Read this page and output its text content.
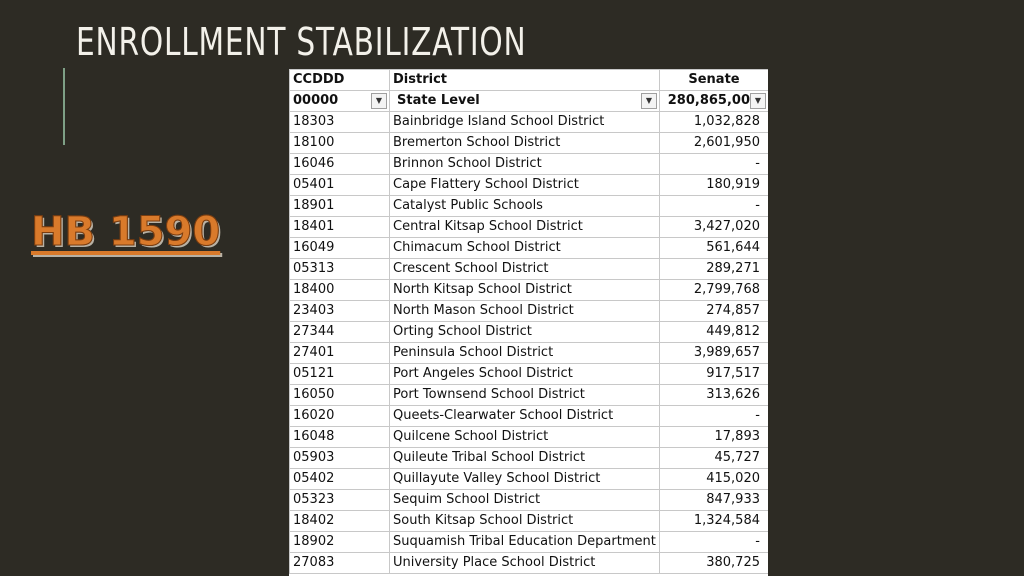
ENROLLMENT STABILIZATION
HB 1590
CCDDD	District	Senate
00000 ▼	State Level ▼	280,865,00 ▼

18303	Bainbridge Island School District	1,032,828
18100	Bremerton School District	2,601,950
16046	Brinnon School District	-
05401	Cape Flattery School District	180,919
18901	Catalyst Public Schools	-
18401	Central Kitsap School District	3,427,020
16049	Chimacum School District	561,644
05313	Crescent School District	289,271
18400	North Kitsap School District	2,799,768
23403	North Mason School District	274,857
27344	Orting School District	449,812
27401	Peninsula School District	3,989,657
05121	Port Angeles School District	917,517
16050	Port Townsend School District	313,626
16020	Queets-Clearwater School District	-
16048	Quilcene School District	17,893
05903	Quileute Tribal School District	45,727
05402	Quillayute Valley School District	415,020
05323	Sequim School District	847,933
18402	South Kitsap School District	1,324,584
18902	Suquamish Tribal Education Department	-
27083	University Place School District	380,725
